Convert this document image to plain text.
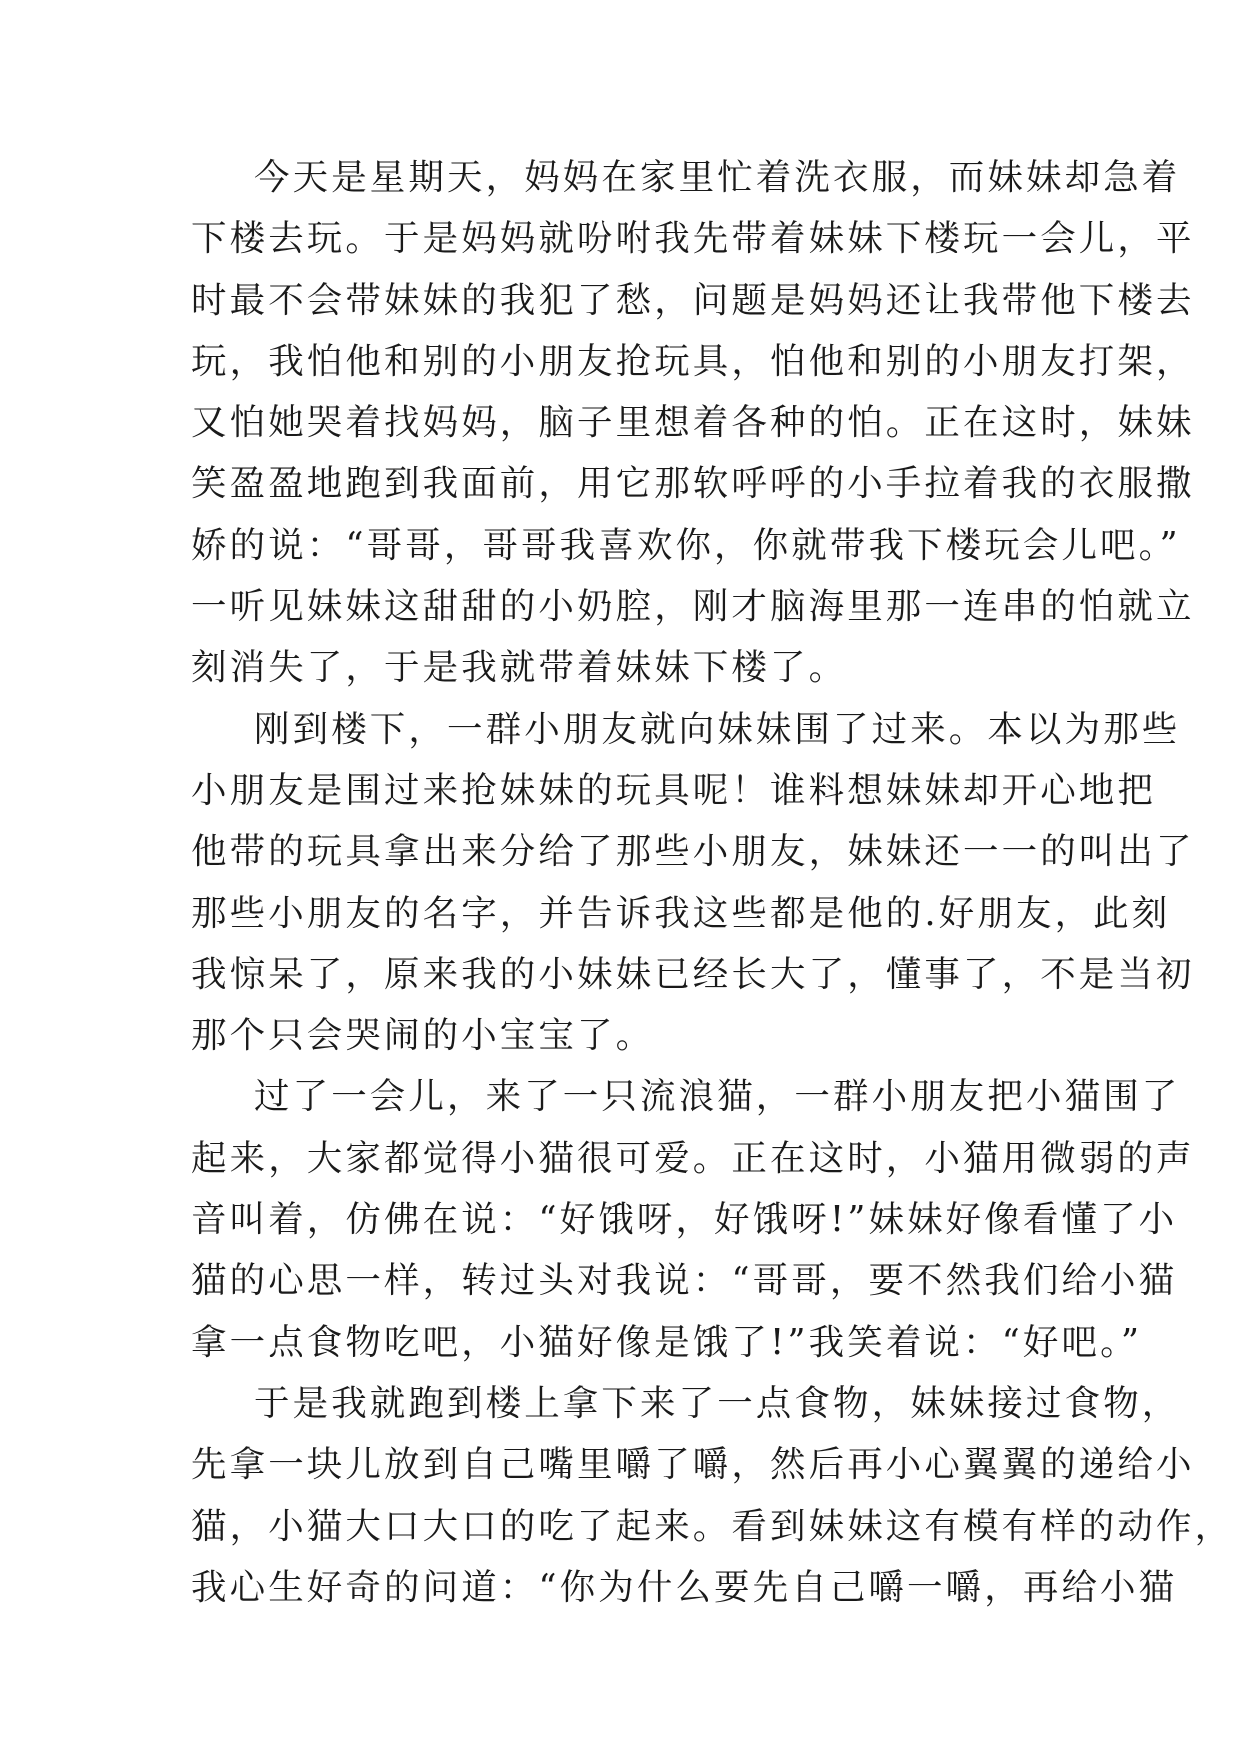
今天是星期天，妈妈在家里忙着洗衣服，而妹妹却急着
下楼去玩。于是妈妈就吩咐我先带着妹妹下楼玩一会儿，平
时最不会带妹妹的我犯了愁，问题是妈妈还让我带他下楼去
玩，我怕他和别的小朋友抢玩具，怕他和别的小朋友打架，
又怕她哭着找妈妈，脑子里想着各种的怕。正在这时，妹妹
笑盈盈地跑到我面前，用它那软呼呼的小手拉着我的衣服撒
娇的说：“哥哥，哥哥我喜欢你，你就带我下楼玩会儿吧。”
一听见妹妹这甜甜的小奶腔，刚才脑海里那一连串的怕就立
刻消失了，于是我就带着妹妹下楼了。
刚到楼下，一群小朋友就向妹妹围了过来。本以为那些
小朋友是围过来抢妹妹的玩具呢！谁料想妹妹却开心地把
他带的玩具拿出来分给了那些小朋友，妹妹还一一的叫出了
那些小朋友的名字，并告诉我这些都是他的.好朋友，此刻
我惊呆了，原来我的小妹妹已经长大了，懂事了，不是当初
那个只会哭闹的小宝宝了。
过了一会儿，来了一只流浪猫，一群小朋友把小猫围了
起来，大家都觉得小猫很可爱。正在这时，小猫用微弱的声
音叫着，仿佛在说：“好饿呀，好饿呀!”妹妹好像看懂了小
猫的心思一样，转过头对我说：“哥哥，要不然我们给小猫
拿一点食物吃吧，小猫好像是饿了!”我笑着说：“好吧。”
于是我就跑到楼上拿下来了一点食物，妹妹接过食物，
先拿一块儿放到自己嘴里嚼了嚼，然后再小心翼翼的递给小
猫，小猫大口大口的吃了起来。看到妹妹这有模有样的动作，
我心生好奇的问道：“你为什么要先自己嚼一嚼，再给小猫
